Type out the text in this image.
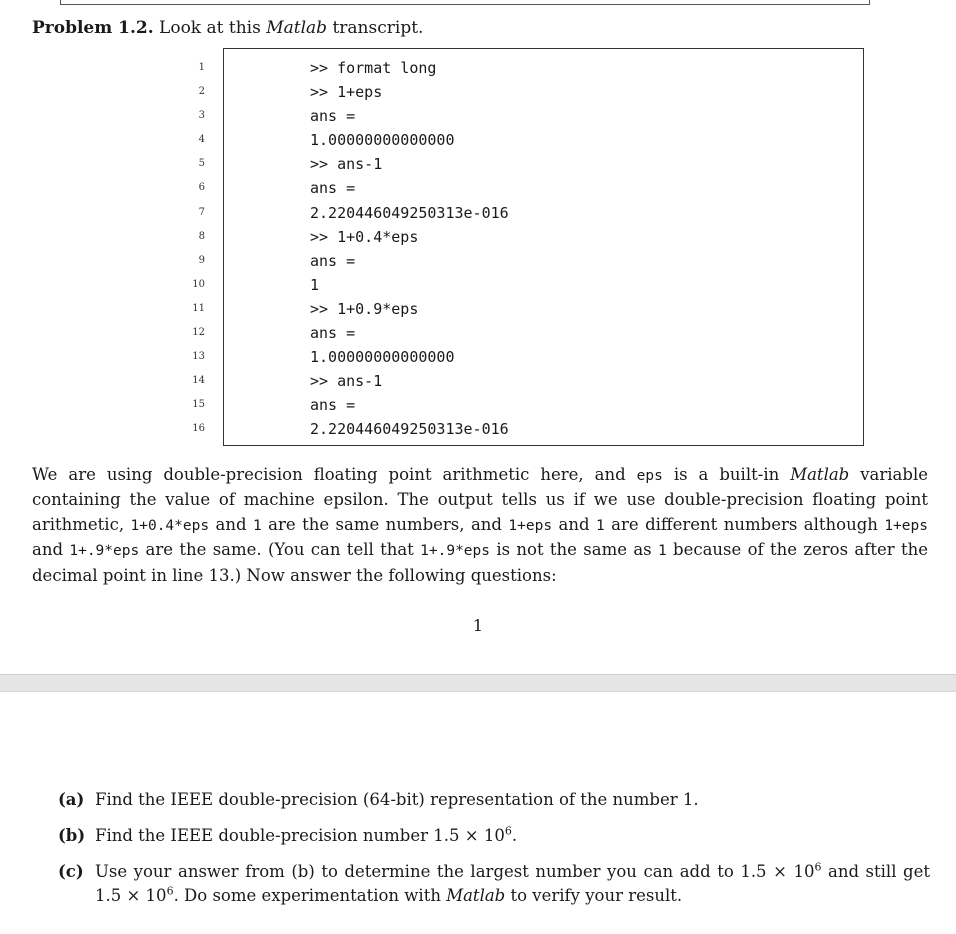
Problem 1.2. Look at this Matlab transcript.
1
2
3
4
5
6
7
8
9
10
11
12
13
14
15
16
>> format long
>> 1+eps
ans =
1.00000000000000
>> ans-1
ans =
2.220446049250313e-016
>> 1+0.4*eps
ans =
1
>> 1+0.9*eps
ans =
1.00000000000000
>> ans-1
ans =
2.220446049250313e-016
We are using double-precision floating point arithmetic here, and eps is a built-in Matlab variable containing the value of machine epsilon. The output tells us if we use double-precision floating point arithmetic, 1+0.4*eps and 1 are the same numbers, and 1+eps and 1 are different numbers although 1+eps and 1+.9*eps are the same. (You can tell that 1+.9*eps is not the same as 1 because of the zeros after the decimal point in line 13.) Now answer the following questions:
1
(a) Find the IEEE double-precision (64-bit) representation of the number 1.
(b) Find the IEEE double-precision number $1.5 \times 10^6$.
(c) Use your answer from (b) to determine the largest number you can add to $1.5 \times 10^6$ and still get $1.5 \times 10^6$. Do some experimentation with Matlab to verify your result.
